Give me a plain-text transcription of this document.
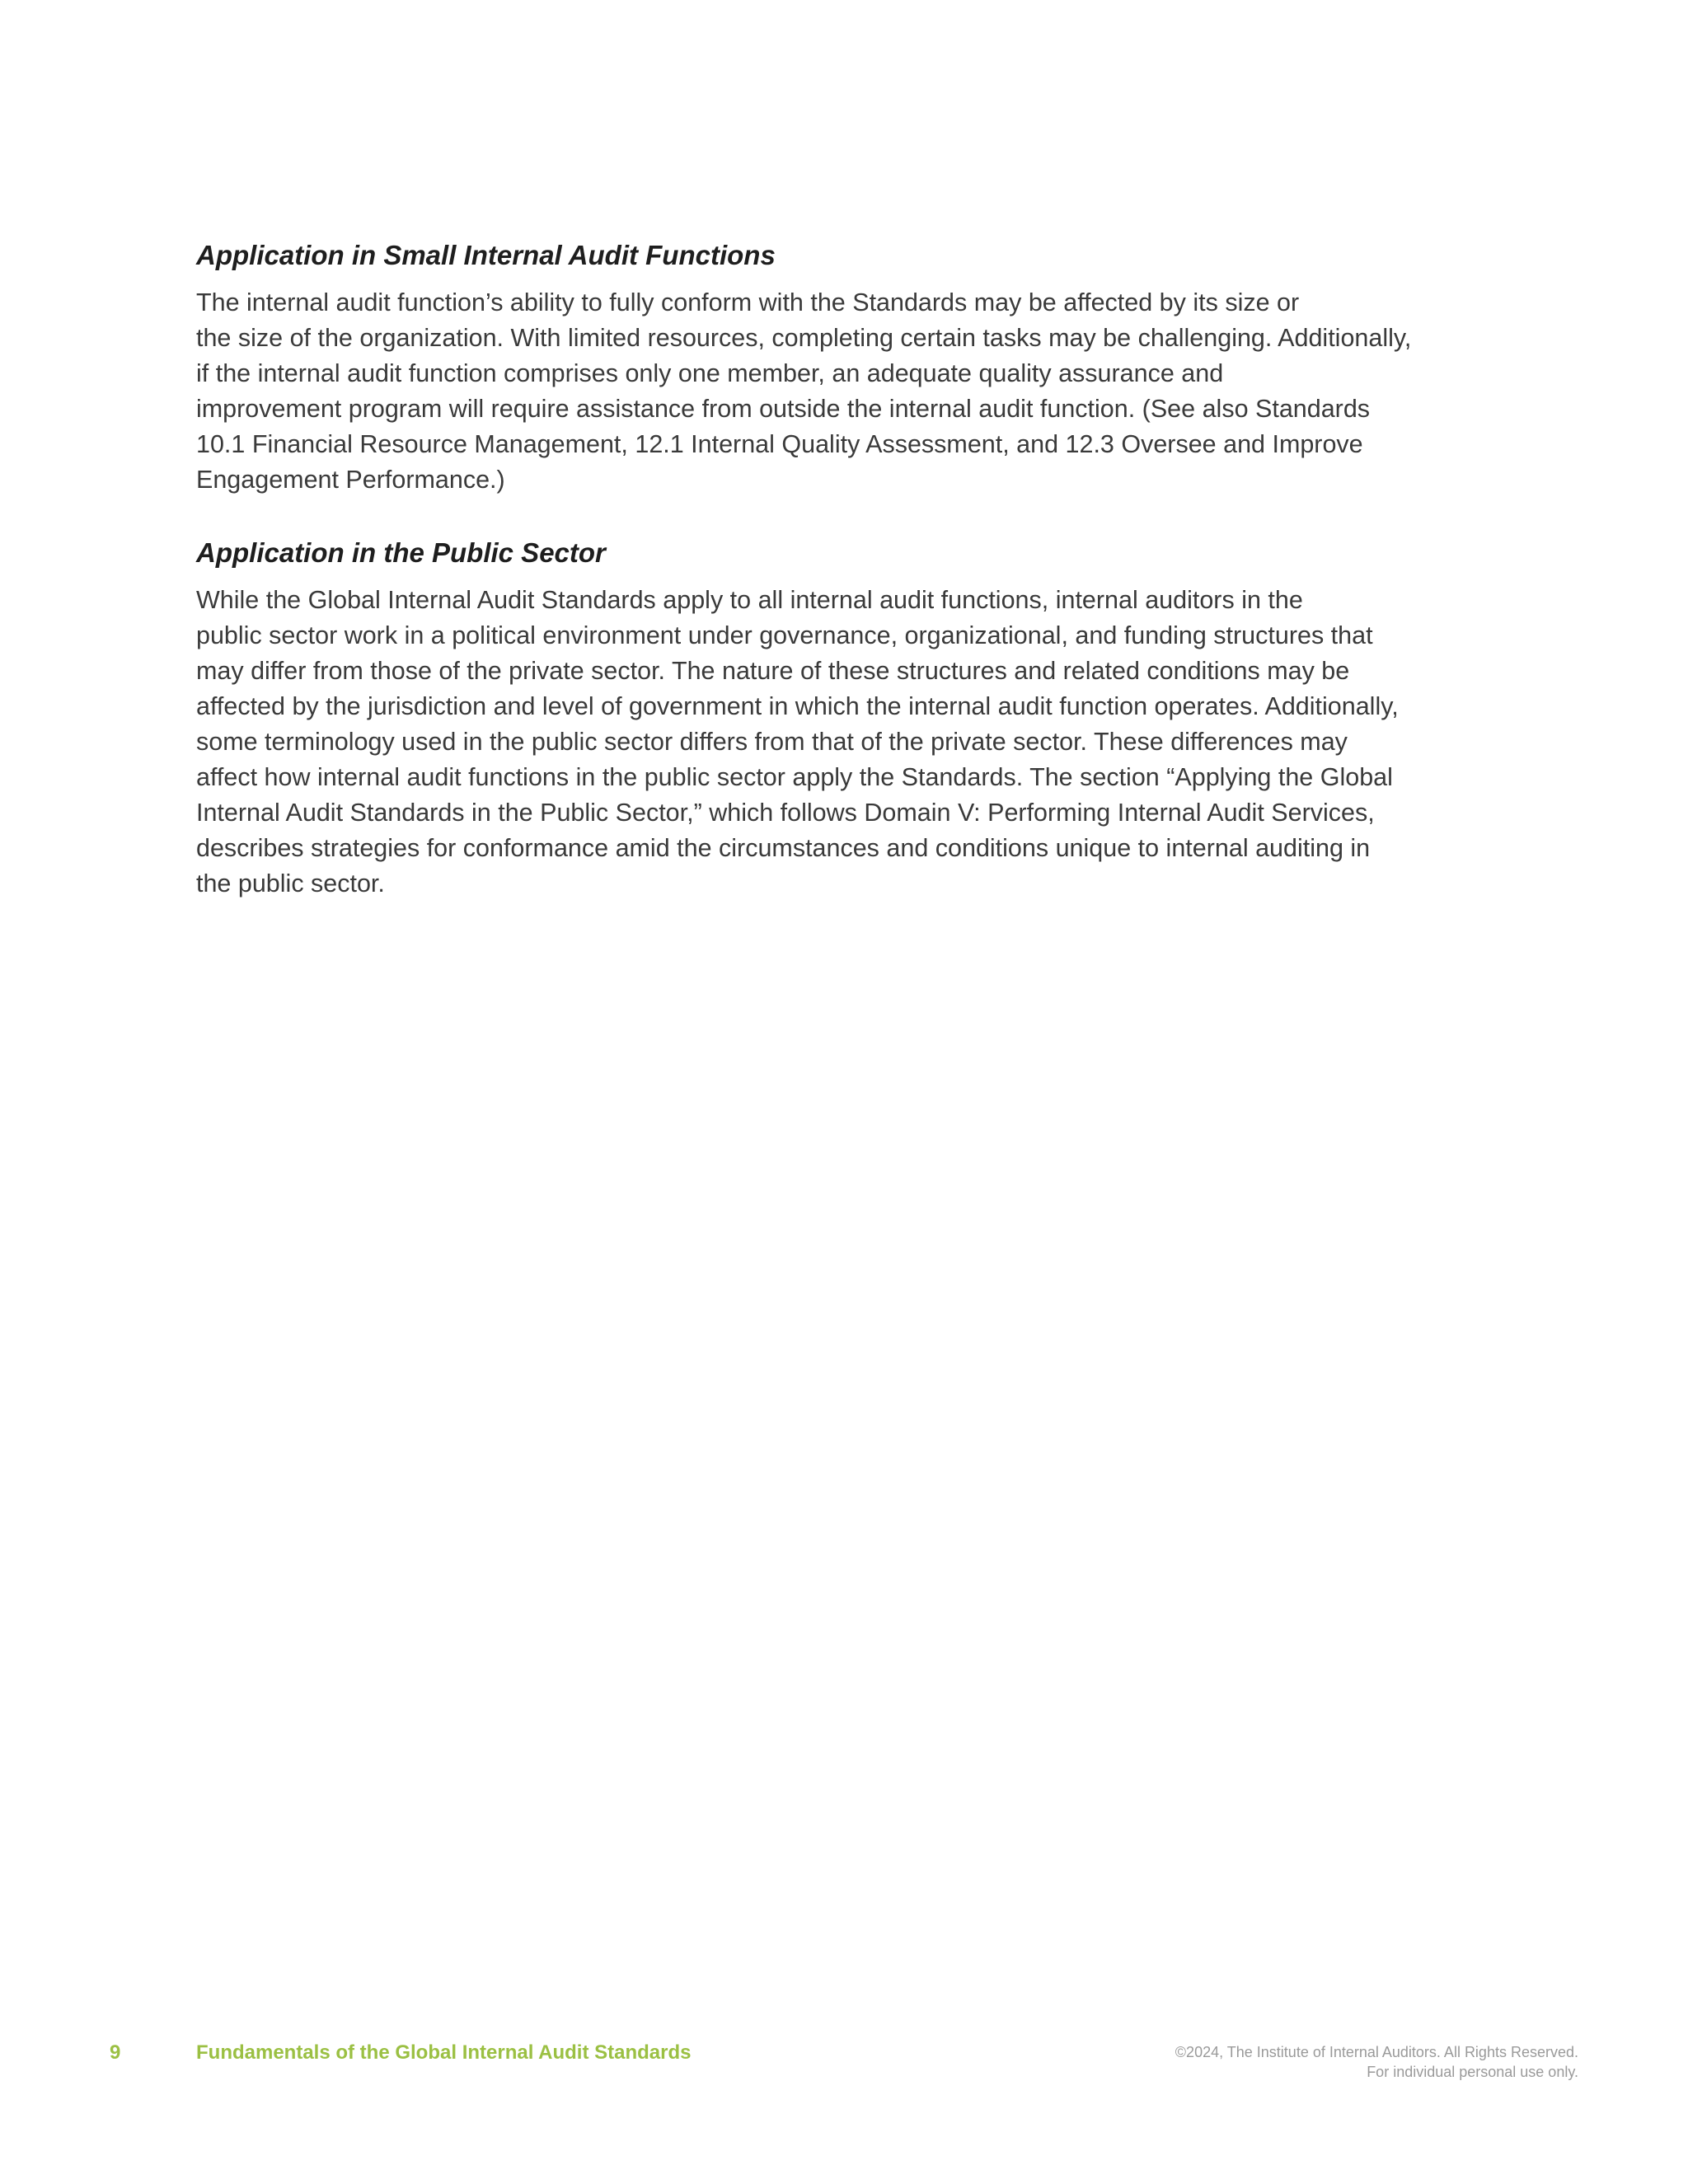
Application in Small Internal Audit Functions

The internal audit function’s ability to fully conform with the Standards may be affected by its size or
the size of the organization. With limited resources, completing certain tasks may be challenging. Additionally,
if the internal audit function comprises only one member, an adequate quality assurance and
improvement program will require assistance from outside the internal audit function. (See also Standards
10.1 Financial Resource Management, 12.1 Internal Quality Assessment, and 12.3 Oversee and Improve
Engagement Performance.)

Application in the Public Sector

While the Global Internal Audit Standards apply to all internal audit functions, internal auditors in the
public sector work in a political environment under governance, organizational, and funding structures that
may differ from those of the private sector. The nature of these structures and related conditions may be
affected by the jurisdiction and level of government in which the internal audit function operates. Additionally,
some terminology used in the public sector differs from that of the private sector. These differences may
affect how internal audit functions in the public sector apply the Standards. The section “Applying the Global
Internal Audit Standards in the Public Sector,” which follows Domain V: Performing Internal Audit Services,
describes strategies for conformance amid the circumstances and conditions unique to internal auditing in
the public sector.

9	Fundamentals of the Global Internal Audit Standards	©2024, The Institute of Internal Auditors. All Rights Reserved.
For individual personal use only.
